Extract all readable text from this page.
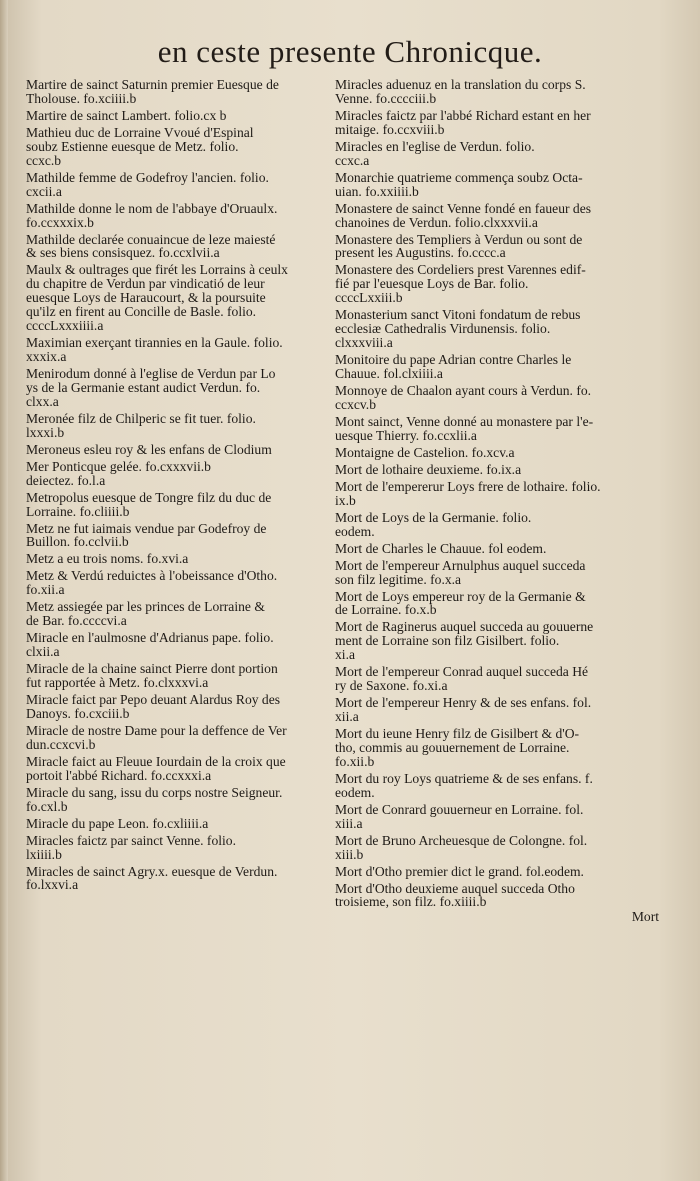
en ceste presente Chronicque.
Martire de sainct Saturnin premier Euesque de
Tholouse. fo.xciiii.b
Martire de sainct Lambert. folio.cx b
Mathieu duc de Lorraine Vvoué d'Espinal
soubz Estienne euesque de Metz. folio.
ccxc.b
Mathilde femme de Godefroy l'ancien. folio.
cxcii.a
Mathilde donne le nom de l'abbaye d'Oruaulx.
fo.ccxxxix.b
Mathilde declarée conuaincue de leze maiesté
& ses biens consisquez. fo.ccxlvii.a
Maulx & oultrages que firét les Lorrains à ceulx
du chapitre de Verdun par vindicatió de leur
euesque Loys de Haraucourt, & la poursuite
qu'ilz en firent au Concille de Basle. folio.
ccccLxxxiiii.a
Maximian exerçant tirannies en la Gaule. folio.
xxxix.a
Menirodum donné à l'eglise de Verdun par Lo
ys de la Germanie estant audict Verdun. fo.
clxx.a
Meronée filz de Chilperic se fit tuer. folio.
lxxxi.b
Meroneus esleu roy & les enfans de Clodium
Mer Ponticque gelée. fo.cxxxvii.b
deiectez. fo.l.a
Metropolus euesque de Tongre filz du duc de
Lorraine. fo.cliiii.b
Metz ne fut iaimais vendue par Godefroy de
Buillon. fo.cclvii.b
Metz a eu trois noms. fo.xvi.a
Metz & Verdú reduictes à l'obeissance d'Otho.
fo.xii.a
Metz assiegée par les princes de Lorraine &
de Bar. fo.ccccvi.a
Miracle en l'aulmosne d'Adrianus pape. folio.
clxii.a
Miracle de la chaine sainct Pierre dont portion
fut rapportée à Metz. fo.clxxxvi.a
Miracle faict par Pepo deuant Alardus Roy des
Danoys. fo.cxciii.b
Miracle de nostre Dame pour la deffence de Ver
dun.ccxcvi.b
Miracle faict au Fleuue Iourdain de la croix que
portoit l'abbé Richard. fo.ccxxxi.a
Miracle du sang, issu du corps nostre Seigneur.
fo.cxl.b
Miracle du pape Leon. fo.cxliiii.a
Miracles faictz par sainct Venne. folio.
lxiiii.b
Miracles de sainct Agry.x. euesque de Verdun.
fo.lxxvi.a
Miracles aduenuz en la translation du corps S.
Venne. fo.cccciii.b
Miracles faictz par l'abbé Richard estant en her
mitaige. fo.ccxviii.b
Miracles en l'eglise de Verdun. folio.
ccxc.a
Monarchie quatrieme commença soubz Octa-
uian. fo.xxiiii.b
Monastere de sainct Venne fondé en faueur des
chanoines de Verdun. folio.clxxxvii.a
Monastere des Templiers à Verdun ou sont de
present les Augustins. fo.cccc.a
Monastere des Cordeliers prest Varennes edif-
fié par l'euesque Loys de Bar. folio.
ccccLxxiii.b
Monasterium sanct Vitoni fondatum de rebus
ecclesiæ Cathedralis Virdunensis. folio.
clxxxviii.a
Monitoire du pape Adrian contre Charles le
Chauue. fol.clxiiii.a
Monnoye de Chaalon ayant cours à Verdun. fo.
ccxcv.b
Mont sainct, Venne donné au monastere par l'e-
uesque Thierry. fo.ccxlii.a
Montaigne de Castelion. fo.xcv.a
Mort de lothaire deuxieme. fo.ix.a
Mort de l'empererur Loys frere de lothaire. folio.
ix.b
Mort de Loys de la Germanie. folio.
eodem.
Mort de Charles le Chauue. fol eodem.
Mort de l'empereur Arnulphus auquel succeda
son filz legitime. fo.x.a
Mort de Loys empereur roy de la Germanie &
de Lorraine. fo.x.b
Mort de Raginerus auquel succeda au gouuerne
ment de Lorraine son filz Gisilbert. folio.
xi.a
Mort de l'empereur Conrad auquel succeda Hé
ry de Saxone. fo.xi.a
Mort de l'empereur Henry & de ses enfans. fol.
xii.a
Mort du ieune Henry filz de Gisilbert & d'O-
tho, commis au gouuernement de Lorraine.
fo.xii.b
Mort du roy Loys quatrieme & de ses enfans. f.
eodem.
Mort de Conrard gouuerneur en Lorraine. fol.
xiii.a
Mort de Bruno Archeuesque de Colongne. fol.
xiii.b
Mort d'Otho premier dict le grand. fol.eodem.
Mort d'Otho deuxieme auquel succeda Otho
troisieme, son filz. fo.xiiii.b
Mort
